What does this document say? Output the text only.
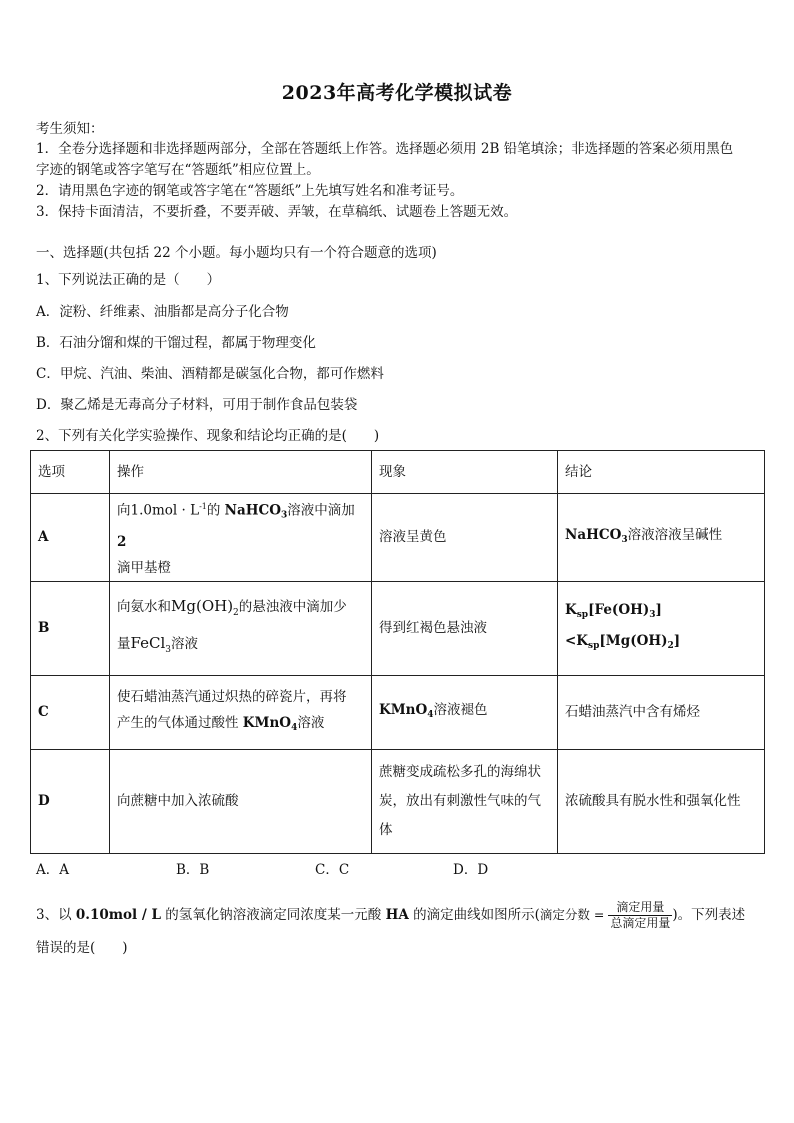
2023年高考化学模拟试卷
考生须知：
1．全卷分选择题和非选择题两部分，全部在答题纸上作答。选择题必须用 2B 铅笔填涂；非选择题的答案必须用黑色
字迹的钢笔或答字笔写在“答题纸”相应位置上。
2．请用黑色字迹的钢笔或答字笔在“答题纸”上先填写姓名和准考证号。
3．保持卡面清洁，不要折叠，不要弄破、弄皱，在草稿纸、试题卷上答题无效。
一、选择题(共包括 22 个小题。每小题均只有一个符合题意的选项)
1、下列说法正确的是（　　）
A．淀粉、纤维素、油脂都是高分子化合物
B．石油分馏和煤的干馏过程，都属于物理变化
C．甲烷、汽油、柴油、酒精都是碳氢化合物，都可作燃料
D．聚乙烯是无毒高分子材料，可用于制作食品包装袋
2、下列有关化学实验操作、现象和结论均正确的是(　　)
选项	操作	现象	结论
A	向$1.0mol \cdot L^{-1}$的 NaHCO$_3$溶液中滴加 2
滴甲基橙	溶液呈黄色	NaHCO$_3$溶液溶液呈碱性
B	向氨水和$Mg(OH)_2$的悬浊液中滴加少
量FeCl$_3$溶液	得到红褐色悬浊液	$K_{sp}[Fe(OH)_3]<K_{sp}[Mg(OH)_2]$
C	使石蜡油蒸汽通过炽热的碎瓷片，再将
产生的气体通过酸性 KMnO$_4$溶液	KMnO$_4$溶液褪色	石蜡油蒸汽中含有烯烃
D	向蔗糖中加入浓硫酸	蔗糖变成疏松多孔的海绵状
炭，放出有刺激性气味的气
体	浓硫酸具有脱水性和强氧化性
A．A	B．B	C．C	D．D
3、以 0.10mol / L 的氢氧化钠溶液滴定同浓度某一元酸 HA 的滴定曲线如图所示(滴定分数 = $\frac{\text{滴定用量}}{\text{总滴定用量}}$ )。下列表述
错误的是(　　)
